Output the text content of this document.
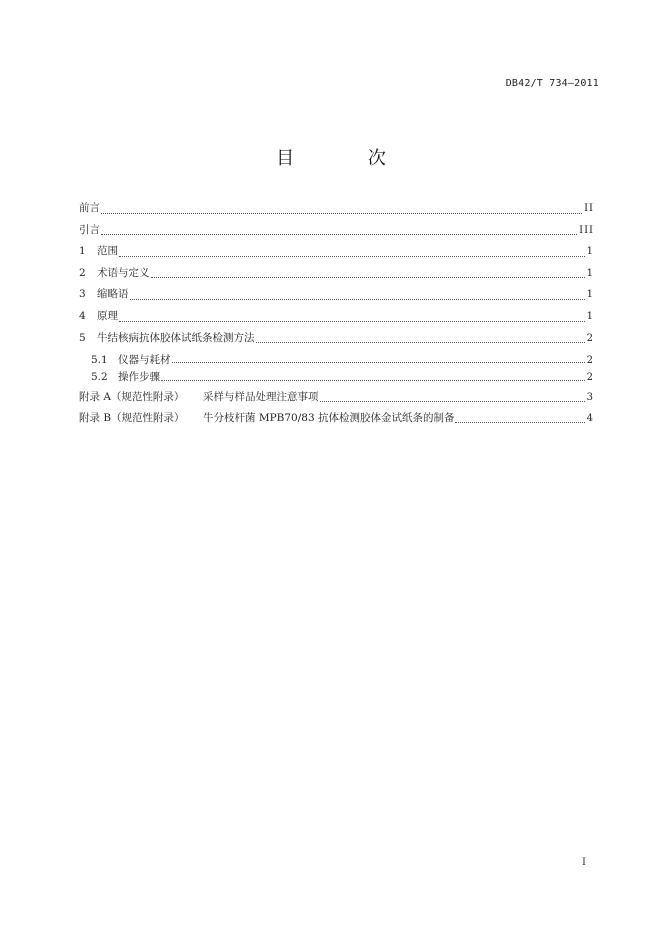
DB42/T 734—2011
目 次
前言	II
引言	III
1	范围	1
2	术语与定义	1
3	缩略语	1
4	原理	1
5	牛结核病抗体胶体试纸条检测方法	2
5.1 仪器与耗材	2
5.2 操作步骤	2
附录 A（规范性附录）	采样与样品处理注意事项	3
附录 B（规范性附录）	牛分枝杆菌 MPB70/83 抗体检测胶体金试纸条的制备	4
I
